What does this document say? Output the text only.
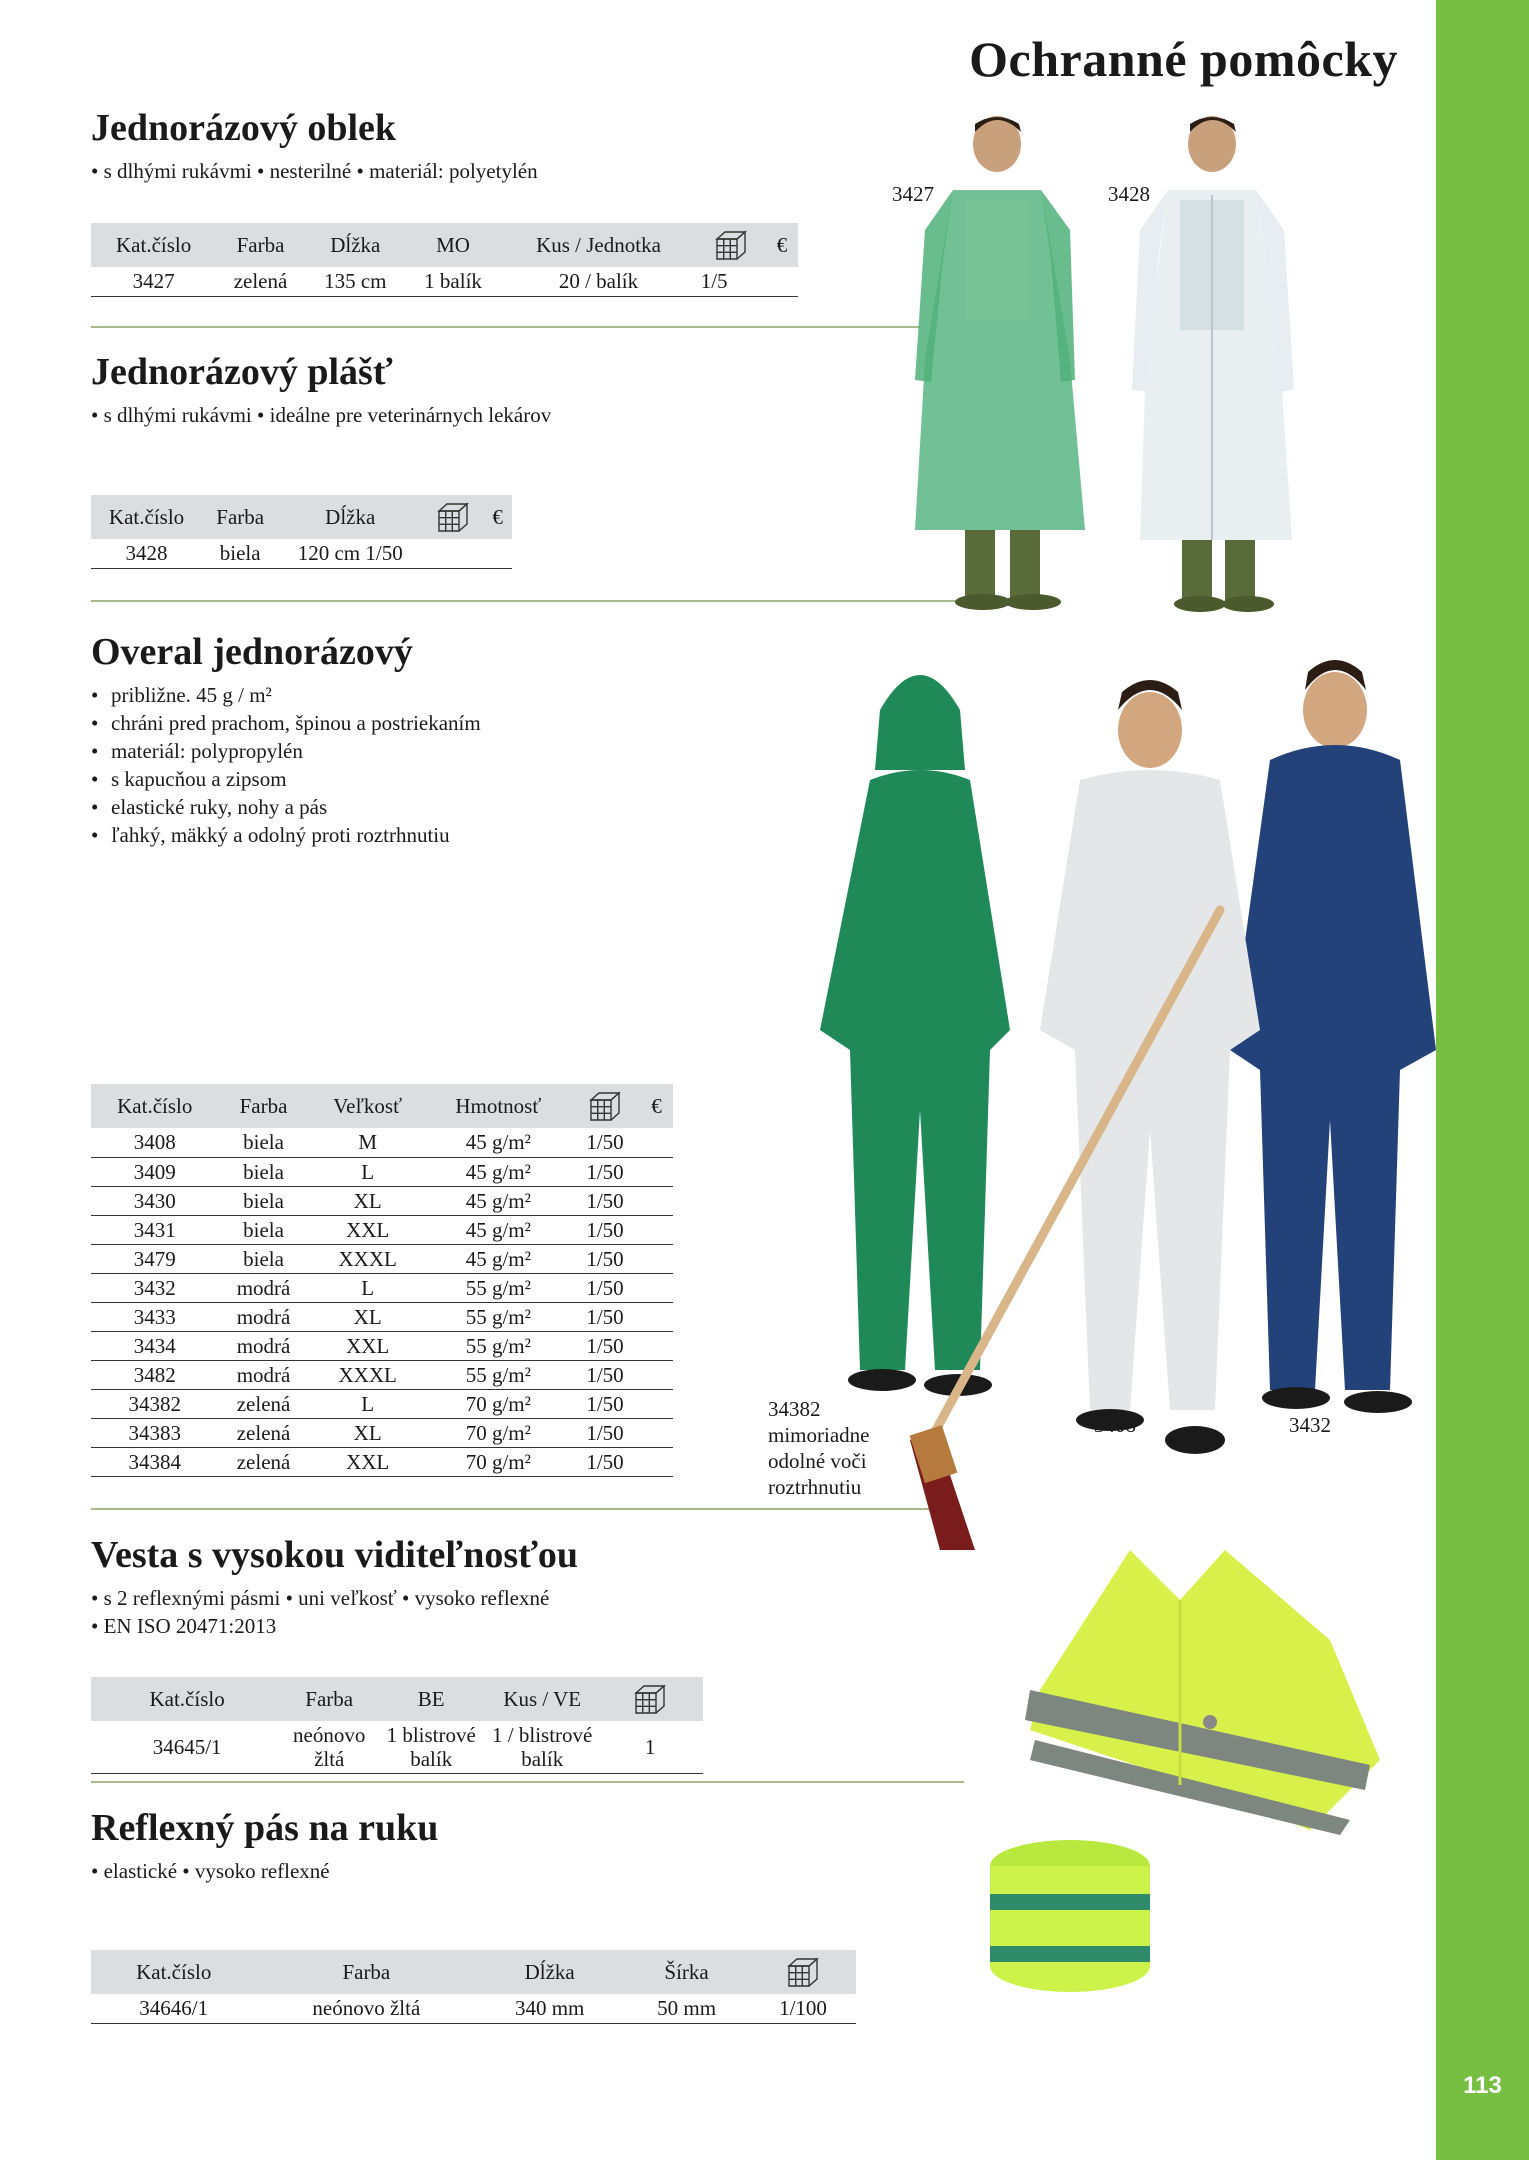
113
Ochranné pomôcky
Jednorázový oblek
• s dlhými rukávmi • nesterilné • materiál: polyetylén
Kat.číslo	Farba	Dĺžka	MO	Kus / Jednotka		€
3427	zelená	135 cm	1 balík	20 / balík	1/5	
Jednorázový plášť
• s dlhými rukávmi • ideálne pre veterinárnych lekárov
Kat.číslo	Farba	Dĺžka		€
3428	biela	120 cm 1/50		
Overal jednorázový
• približne. 45 g / m²
• chráni pred prachom, špinou a postriekaním
• materiál: polypropylén
• s kapucňou a zipsom
• elastické ruky, nohy a pás
• ľahký, mäkký a odolný proti roztrhnutiu
Kat.číslo	Farba	Veľkosť	Hmotnosť		€
3408	biela	M	45 g/m²	1/50	
3409	biela	L	45 g/m²	1/50	
3430	biela	XL	45 g/m²	1/50	
3431	biela	XXL	45 g/m²	1/50	
3479	biela	XXXL	45 g/m²	1/50	
3432	modrá	L	55 g/m²	1/50	
3433	modrá	XL	55 g/m²	1/50	
3434	modrá	XXL	55 g/m²	1/50	
3482	modrá	XXXL	55 g/m²	1/50	
34382	zelená	L	70 g/m²	1/50	
34383	zelená	XL	70 g/m²	1/50	
34384	zelená	XXL	70 g/m²	1/50	
Vesta s vysokou viditeľnosťou
• s 2 reflexnými pásmi • uni veľkosť • vysoko reflexné
• EN ISO 20471:2013
Kat.číslo	Farba	BE	Kus / VE	
34645/1	neónovo žltá	1 blistrové balík	1 / blistrové balík	1
Reflexný pás na ruku
• elastické • vysoko reflexné
Kat.číslo	Farba	Dĺžka	Šírka	
34646/1	neónovo žltá	340 mm	50 mm	1/100
3427	3428
34382
mimoriadne
odolné voči
roztrhnutiu
3408	3432
